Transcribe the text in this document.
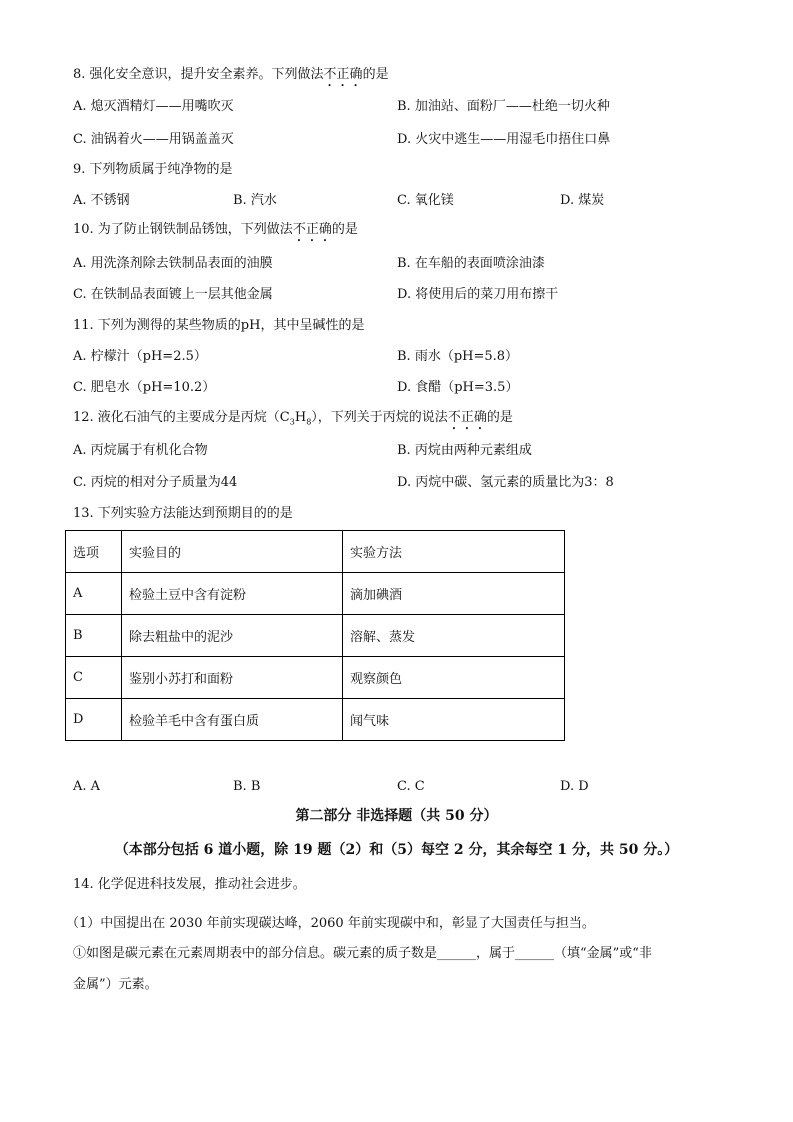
8. 强化安全意识，提升安全素养。下列做法不正确的是
A. 熄灭酒精灯——用嘴吹灭	B. 加油站、面粉厂——杜绝一切火种
C. 油锅着火——用锅盖盖灭	D. 火灾中逃生——用湿毛巾捂住口鼻
9. 下列物质属于纯净物的是
A. 不锈钢	B. 汽水	C. 氧化镁	D. 煤炭
10. 为了防止钢铁制品锈蚀，下列做法不正确的是
A. 用洗涤剂除去铁制品表面的油膜	B. 在车船的表面喷涂油漆
C. 在铁制品表面镀上一层其他金属	D. 将使用后的菜刀用布擦干
11. 下列为测得的某些物质的pH，其中呈碱性的是
A. 柠檬汁（pH=2.5）	B. 雨水（pH=5.8）
C. 肥皂水（pH=10.2）	D. 食醋（pH=3.5）
12. 液化石油气的主要成分是丙烷$(C_3H_8)$，下列关于丙烷的说法不正确的是
A. 丙烷属于有机化合物	B. 丙烷由两种元素组成
C. 丙烷的相对分子质量为44	D. 丙烷中碳、氢元素的质量比为3：8
13. 下列实验方法能达到预期目的的是
选项	实验目的	实验方法
A	检验土豆中含有淀粉	滴加碘酒
B	除去粗盐中的泥沙	溶解、蒸发
C	鉴别小苏打和面粉	观察颜色
D	检验羊毛中含有蛋白质	闻气味
A. A	B. B	C. C	D. D
第二部分 非选择题（共 50 分）
（本部分包括 6 道小题，除 19 题（2）和（5）每空 2 分，其余每空 1 分，共 50 分。）
14. 化学促进科技发展，推动社会进步。
（1）中国提出在 2030 年前实现碳达峰，2060 年前实现碳中和，彰显了大国责任与担当。
①如图是碳元素在元素周期表中的部分信息。碳元素的质子数是______，属于______（填“金属”或“非
金属”）元素。
